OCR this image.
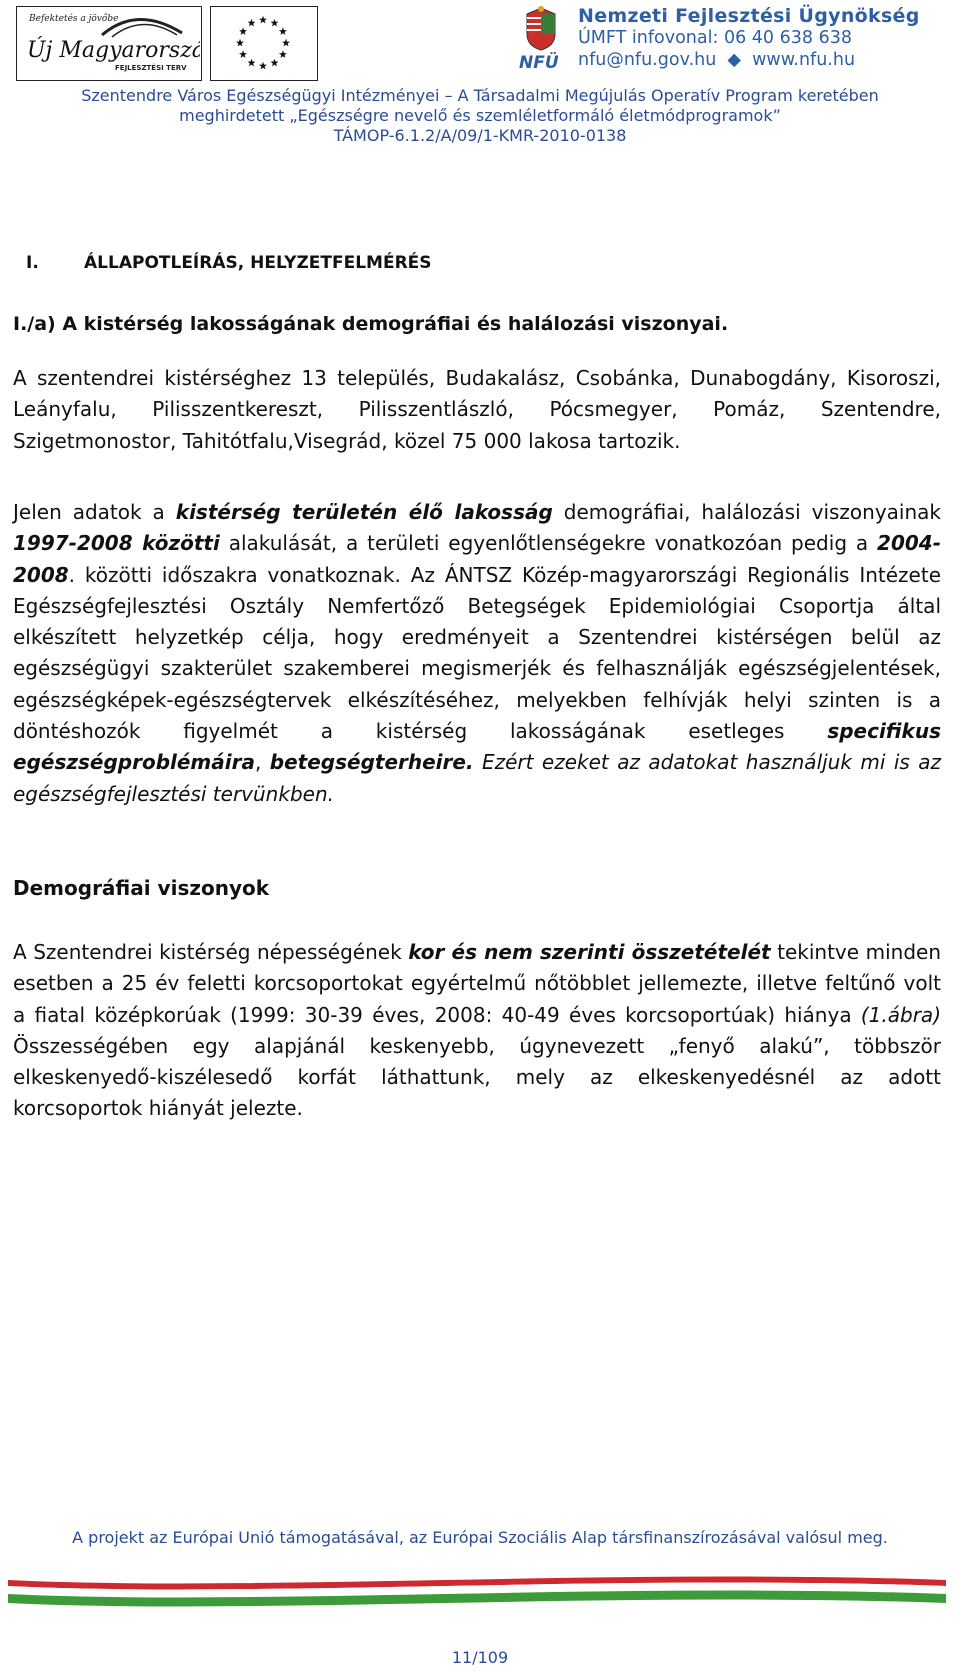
Befektetés a jövőbe
Új Magyarország
FEJLESZTÉSI TERV	NFÜ
Nemzeti Fejlesztési Ügynökség
ÚMFT infovonal: 06 40 638 638
nfu@nfu.gov.hu  ◆  www.nfu.hu
Szentendre Város Egészségügyi Intézményei – A Társadalmi Megújulás Operatív Program keretében
meghirdetett „Egészségre nevelő és szemléletformáló életmódprogramok”
TÁMOP-6.1.2/A/09/1-KMR-2010-0138
I.	ÁLLAPOTLEÍRÁS, HELYZETFELMÉRÉS
I./a) A kistérség lakosságának demográfiai és halálozási viszonyai.
A szentendrei kistérséghez 13 település, Budakalász, Csobánka, Dunabogdány, Kisoroszi, Leányfalu, Pilisszentkereszt, Pilisszentlászló, Pócsmegyer, Pomáz, Szentendre, Szigetmonostor, Tahitótfalu,Visegrád, közel 75 000 lakosa tartozik.
Jelen adatok a kistérség területén élő lakosság demográfiai, halálozási viszonyainak 1997-2008 közötti alakulását, a területi egyenlőtlenségekre vonatkozóan pedig a 2004-2008. közötti időszakra vonatkoznak. Az ÁNTSZ Közép-magyarországi Regionális Intézete Egészségfejlesztési Osztály Nemfertőző Betegségek Epidemiológiai Csoportja által elkészített helyzetkép célja, hogy eredményeit a Szentendrei kistérségen belül az egészségügyi szakterület szakemberei megismerjék és felhasználják egészségjelentések, egészségképek-egészségtervek elkészítéséhez, melyekben felhívják helyi szinten is a döntéshozók figyelmét a kistérség lakosságának esetleges specifikus egészségproblémáira, betegségterheire. Ezért ezeket az adatokat használjuk mi is az egészségfejlesztési tervünkben.
Demográfiai viszonyok
A Szentendrei kistérség népességének kor és nem szerinti összetételét tekintve minden esetben a 25 év feletti korcsoportokat egyértelmű nőtöbblet jellemezte, illetve feltűnő volt a fiatal középkorúak (1999: 30-39 éves, 2008: 40-49 éves korcsoportúak) hiánya (1.ábra) Összességében egy alapjánál keskenyebb, úgynevezett „fenyő alakú”, többször elkeskenyedő-kiszélesedő korfát láthattunk, mely az elkeskenyedésnél az adott korcsoportok hiányát jelezte.
A projekt az Európai Unió támogatásával, az Európai Szociális Alap társfinanszírozásával valósul meg.
11/109
